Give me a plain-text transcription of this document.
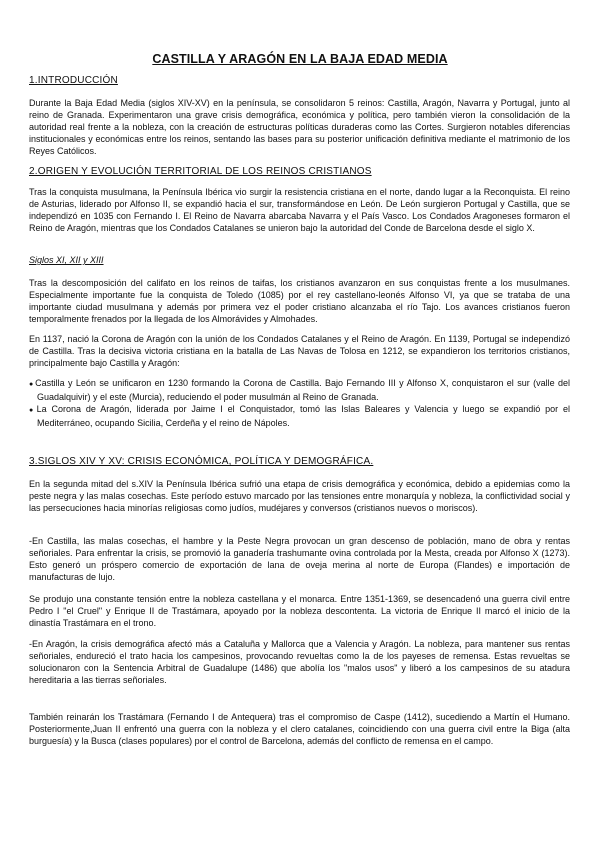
CASTILLA Y ARAGÓN EN LA BAJA EDAD MEDIA
1.INTRODUCCIÓN

Durante la Baja Edad Media (siglos XIV-XV) en la península, se consolidaron 5 reinos: Castilla, Aragón, Navarra y Portugal, junto al reino de Granada. Experimentaron una grave crisis demográfica, económica y política, pero también vieron la consolidación de la autoridad real frente a la nobleza, con la creación de estructuras políticas duraderas como las Cortes. Surgieron notables diferencias institucionales y económicas entre los reinos, sentando las bases para su posterior unificación definitiva mediante el matrimonio de los Reyes Católicos.

2.ORIGEN Y EVOLUCIÓN TERRITORIAL DE LOS REINOS CRISTIANOS

Tras la conquista musulmana, la Península Ibérica vio surgir la resistencia cristiana en el norte, dando lugar a la Reconquista. El reino de Asturias, liderado por Alfonso II, se expandió hacia el sur, transformándose en León. De León surgieron Portugal y Castilla, que se independizó en 1035 con Fernando I. El Reino de Navarra abarcaba Navarra y el País Vasco. Los Condados Aragoneses formaron el Reino de Aragón, mientras que los Condados Catalanes se unieron bajo la autoridad del Conde de Barcelona desde el siglo X.

Siglos XI, XII y XIII

Tras la descomposición del califato en los reinos de taifas, los cristianos avanzaron en sus conquistas frente a los musulmanes. Especialmente importante fue la conquista de Toledo (1085) por el rey castellano-leonés Alfonso VI, ya que se trataba de una importante ciudad musulmana y además por primera vez el poder cristiano alcanzaba el río Tajo. Los avances cristianos fueron temporalmente frenados por la llegada de los Almorávides y Almohades.

En 1137, nació la Corona de Aragón con la unión de los Condados Catalanes y el Reino de Aragón. En 1139, Portugal se independizó de Castilla. Tras la decisiva victoria cristiana en la batalla de Las Navas de Tolosa en 1212, se expandieron los territorios cristianos, principalmente bajo Castilla y Aragón:

● Castilla y León se unificaron en 1230 formando la Corona de Castilla. Bajo Fernando III y Alfonso X, conquistaron el sur (valle del Guadalquivir) y el este (Murcia), reduciendo el poder musulmán al Reino de Granada.
● La Corona de Aragón, liderada por Jaime I el Conquistador, tomó las Islas Baleares y Valencia y luego se expandió por el Mediterráneo, ocupando Sicilia, Cerdeña y el reino de Nápoles.
3.SIGLOS XIV Y XV: CRISIS ECONÓMICA, POLÍTICA Y DEMOGRÁFICA.

En la segunda mitad del s.XIV la Península Ibérica sufrió una etapa de crisis demográfica y económica, debido a epidemias como la peste negra y las malas cosechas. Este período estuvo marcado por las tensiones entre monarquía y nobleza, la conflictividad social y las persecuciones hacia minorías religiosas como judíos, mudéjares y conversos (cristianos nuevos o moriscos).

-En Castilla, las malas cosechas, el hambre y la Peste Negra provocan un gran descenso de población, mano de obra y rentas señoriales. Para enfrentar la crisis, se promovió la ganadería trashumante ovina controlada por la Mesta, creada por Alfonso X (1273). Esto generó un próspero comercio de exportación de lana de oveja merina al norte de Europa (Flandes) e importación de manufacturas de lujo.

Se produjo una constante tensión entre la nobleza castellana y el monarca. Entre 1351-1369, se desencadenó una guerra civil entre Pedro I "el Cruel" y Enrique II de Trastámara, apoyado por la nobleza descontenta. La victoria de Enrique II marcó el inicio de la dinastía Trastámara en el trono.

-En Aragón, la crisis demográfica afectó más a Cataluña y Mallorca que a Valencia y Aragón. La nobleza, para mantener sus rentas señoriales, endureció el trato hacia los campesinos, provocando revueltas como la de los payeses de remensa. Estas revueltas se solucionaron con la Sentencia Arbitral de Guadalupe (1486) que abolía los "malos usos" y liberó a los campesinos de su atadura hereditaria a las tierras señoriales.

También reinarán los Trastámara (Fernando I de Antequera) tras el compromiso de Caspe (1412), sucediendo a Martín el Humano. Posteriormente,Juan II enfrentó una guerra con la nobleza y el clero catalanes, coincidiendo con una guerra civil entre la Biga (alta burguesía) y la Busca (clases populares) por el control de Barcelona, además del conflicto de remensa en el campo.
